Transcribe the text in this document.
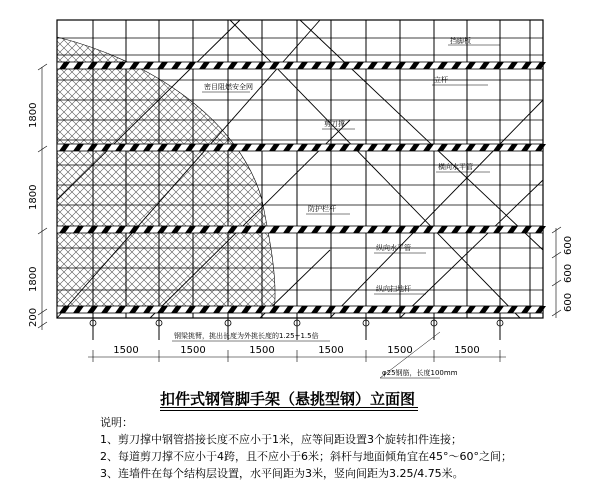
挡脚板
立杆
密目阻燃安全网
剪刀撑
横向水平管
防护栏杆
纵向水平管
纵向扫地杆
钢梁挑臂，挑出长度为外挑长度的1.25~1.5倍
φ25钢筋，长度100mm
1800
1800
1800
200
600
600
600
1500	1500	1500	1500	1500	1500
扣件式钢管脚手架（悬挑型钢）立面图
说明：
1、剪刀撑中钢管搭接长度不应小于1米，应等间距设置3个旋转扣件连接；
2、每道剪刀撑不应小于4跨，且不应小于6米；斜杆与地面倾角宜在45°～60°之间；
3、连墙件在每个结构层设置，水平间距为3米，竖向间距为3.25/4.75米。
